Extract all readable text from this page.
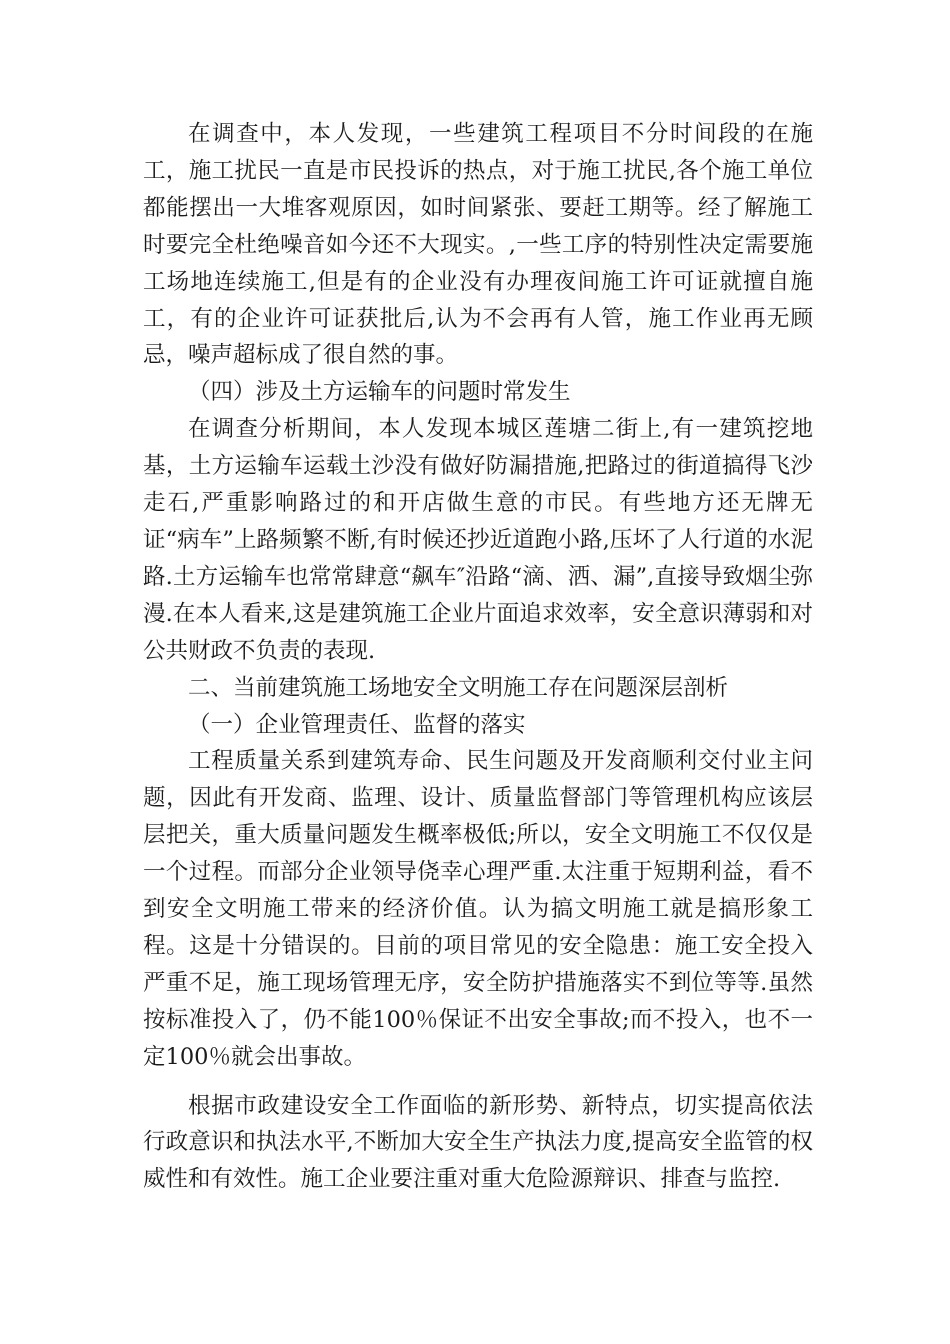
在调查中，本人发现，一些建筑工程项目不分时间段的在施工，施工扰民一直是市民投诉的热点，对于施工扰民,各个施工单位都能摆出一大堆客观原因，如时间紧张、要赶工期等。经了解施工时要完全杜绝噪音如今还不大现实。,一些工序的特别性决定需要施工场地连续施工,但是有的企业没有办理夜间施工许可证就擅自施工，有的企业许可证获批后,认为不会再有人管，施工作业再无顾忌，噪声超标成了很自然的事。

（四）涉及土方运输车的问题时常发生

在调查分析期间，本人发现本城区莲塘二街上,有一建筑挖地基，土方运输车运载土沙没有做好防漏措施,把路过的街道搞得飞沙走石,严重影响路过的和开店做生意的市民。有些地方还无牌无证“病车”上路频繁不断,有时候还抄近道跑小路,压坏了人行道的水泥路.土方运输车也常常肆意“飙车″沿路“滴、洒、漏”,直接导致烟尘弥漫.在本人看来,这是建筑施工企业片面追求效率，安全意识薄弱和对公共财政不负责的表现.

二、当前建筑施工场地安全文明施工存在问题深层剖析

（一）企业管理责任、监督的落实

工程质量关系到建筑寿命、民生问题及开发商顺利交付业主问题，因此有开发商、监理、设计、质量监督部门等管理机构应该层层把关，重大质量问题发生概率极低;所以，安全文明施工不仅仅是一个过程。而部分企业领导侥幸心理严重.太注重于短期利益，看不到安全文明施工带来的经济价值。认为搞文明施工就是搞形象工程。这是十分错误的。目前的项目常见的安全隐患：施工安全投入严重不足，施工现场管理无序，安全防护措施落实不到位等等.虽然按标准投入了，仍不能100％保证不出安全事故;而不投入，也不一定100％就会出事故。

根据市政建设安全工作面临的新形势、新特点，切实提高依法行政意识和执法水平,不断加大安全生产执法力度,提高安全监管的权威性和有效性。施工企业要注重对重大危险源辩识、排查与监控.
